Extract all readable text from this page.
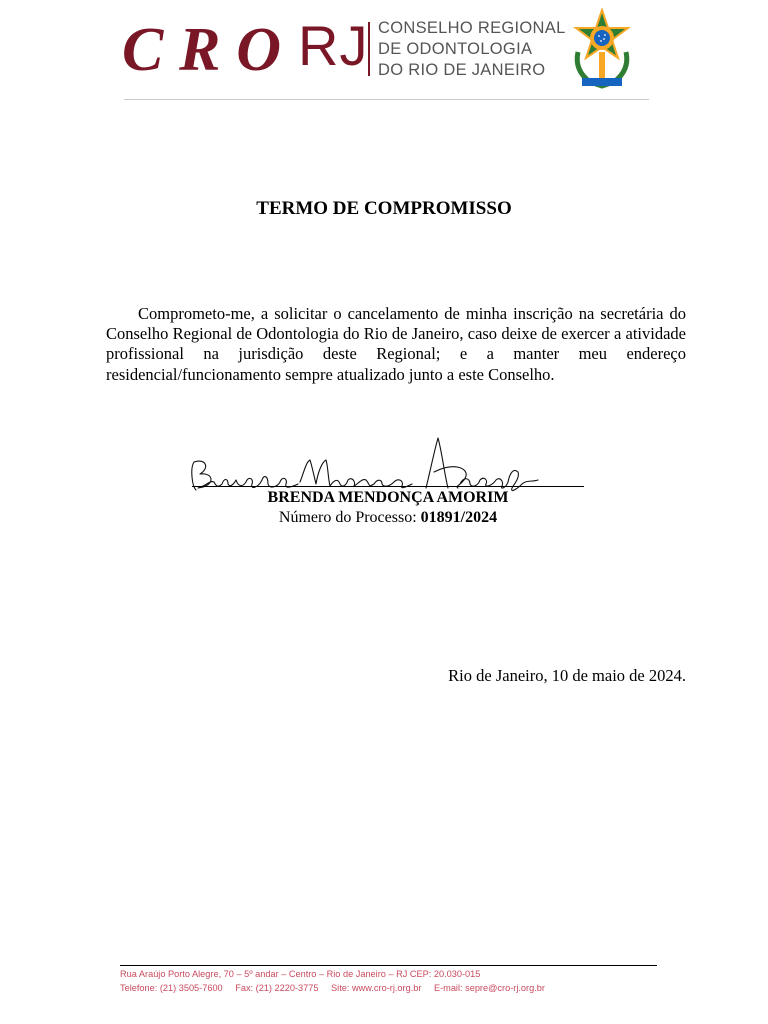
CRO RJ CONSELHO REGIONAL
DE ODONTOLOGIA
DO RIO DE JANEIRO
TERMO DE COMPROMISSO
Comprometo-me, a solicitar o cancelamento de minha inscrição na secretária do Conselho Regional de Odontologia do Rio de Janeiro, caso deixe de exercer a atividade profissional na jurisdição deste Regional; e a manter meu endereço residencial/funcionamento sempre atualizado junto a este Conselho.
BRENDA MENDONÇA AMORIM
Número do Processo: 01891/2024
Rio de Janeiro, 10 de maio de 2024.
Rua Araújo Porto Alegre, 70 – 5º andar – Centro – Rio de Janeiro – RJ CEP: 20.030-015
Telefone: (21) 3505-7600 Fax: (21) 2220-3775 Site: www.cro-rj.org.br E-mail: sepre@cro-rj.org.br
